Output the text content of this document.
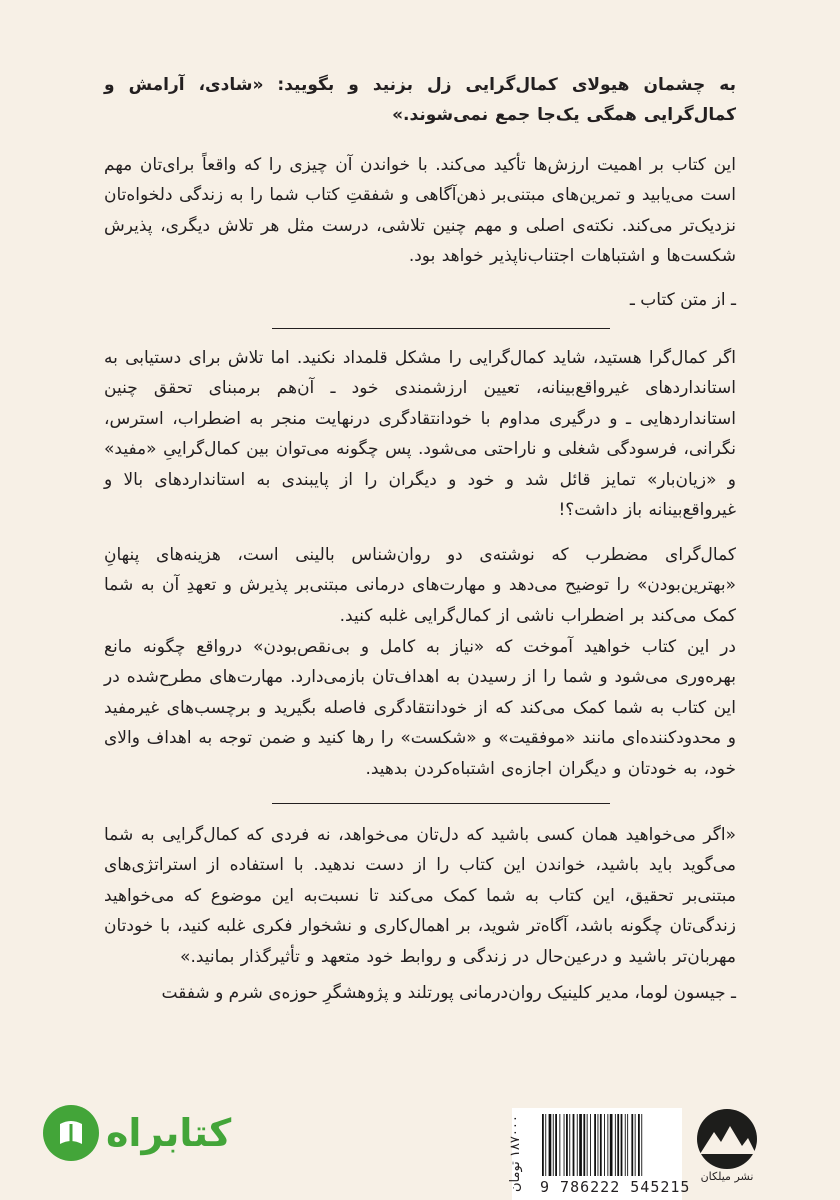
به چشمان هیولای کمال‌گرایی زل بزنید و بگویید: «شادی، آرامش و کمال‌گرایی همگی یک‌جا جمع نمی‌شوند.»

این کتاب بر اهمیت ارزش‌ها تأکید می‌کند. با خواندن آن چیزی را که واقعاً برای‌تان مهم است می‌یابید و تمرین‌های مبتنی‌بر ذهن‌آگاهی و شفقتِ کتاب شما را به زندگی دلخواه‌تان نزدیک‌تر می‌کند. نکته‌ی اصلی و مهم چنین تلاشی، درست مثل هر تلاش دیگری، پذیرش شکست‌ها و اشتباهات اجتناب‌ناپذیر خواهد بود.

ـ از متن کتاب ـ

اگر کمال‌گرا هستید، شاید کمال‌گرایی را مشکل قلمداد نکنید. اما تلاش برای دستیابی به استانداردهای غیرواقع‌بینانه، تعیین ارزشمندی خود ـ آن‌هم برمبنای تحقق چنین استانداردهایی ـ و درگیری مداوم با خودانتقادگری درنهایت منجر به اضطراب، استرس، نگرانی، فرسودگی شغلی و ناراحتی می‌شود. پس چگونه می‌توان بین کمال‌گراییِ «مفید» و «زیان‌بار» تمایز قائل شد و خود و دیگران را از پایبندی به استانداردهای بالا و غیرواقع‌بینانه باز داشت؟!

کمال‌گرای مضطرب که نوشته‌ی دو روان‌شناس بالینی است، هزینه‌های پنهانِ «بهترین‌بودن» را توضیح می‌دهد و مهارت‌های درمانی مبتنی‌بر پذیرش و تعهدِ آن به شما کمک می‌کند بر اضطراب ناشی از کمال‌گرایی غلبه کنید.

در این کتاب خواهید آموخت که «نیاز به کامل و بی‌نقص‌بودن» درواقع چگونه مانع بهره‌وری می‌شود و شما را از رسیدن به اهداف‌تان بازمی‌دارد. مهارت‌های مطرح‌شده در این کتاب به شما کمک می‌کند که از خودانتقادگری فاصله بگیرید و برچسب‌های غیرمفید و محدودکننده‌ای مانند «موفقیت» و «شکست» را رها کنید و ضمن توجه به اهداف والای خود، به خودتان و دیگران اجازه‌ی اشتباه‌کردن بدهید.

«اگر می‌خواهید همان کسی باشید که دل‌تان می‌خواهد، نه فردی که کمال‌گرایی به شما می‌گوید باید باشید، خواندن این کتاب را از دست ندهید. با استفاده از استراتژی‌های مبتنی‌بر تحقیق، این کتاب به شما کمک می‌کند تا نسبت‌به این موضوع که می‌خواهید زندگی‌تان چگونه باشد، آگاه‌تر شوید، بر اهمال‌کاری و نشخوار فکری غلبه کنید، با خودتان مهربان‌تر باشید و درعین‌حال در زندگی و روابط خود متعهد و تأثیرگذار بمانید.»

ـ جیسون لوما، مدیر کلینیک روان‌درمانی پورتلند و پژوهشگرِ حوزه‌ی شرم و شفقت
کتابراه
9 786222 545215
۱۸۷۰۰۰ تومان
نشر میلکان
